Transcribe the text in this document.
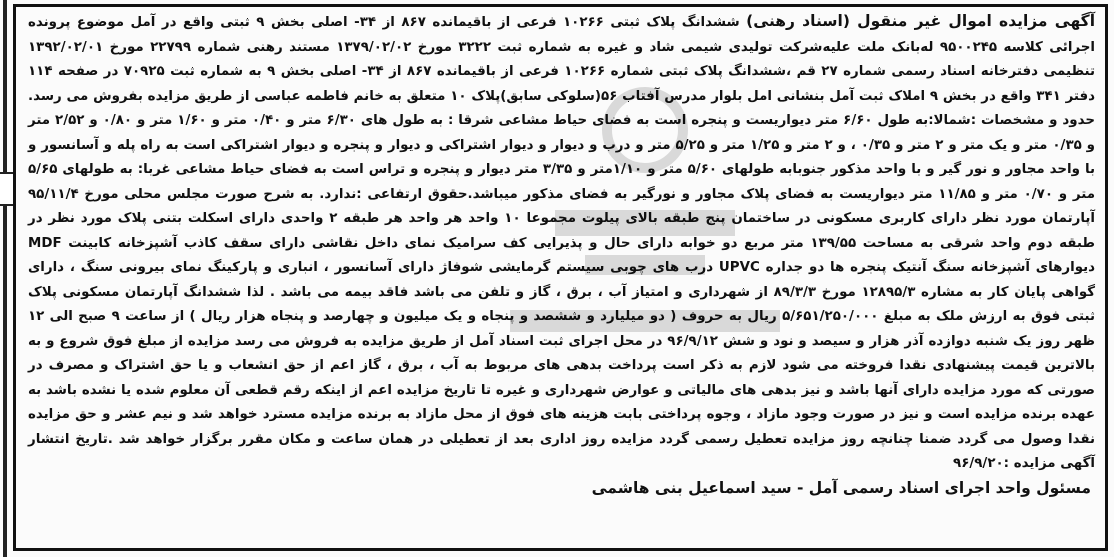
آگهی مزایده اموال غیر منقول (اسناد رهنی) ششدانگ پلاک ثبتی ۱۰۲۶۶ فرعی از باقیمانده ۸۶۷ از ۳۴- اصلی بخش ۹ ثبتی واقع در آمل موضوع پرونده اجرائی کلاسه ۹۵۰۰۲۴۵ له‌بانک ملت علیه‌شرکت تولیدی شیمی شاد و غیره به شماره ثبت ۳۲۲۲ مورخ ۱۳۷۹/۰۲/۰۲ مستند رهنی شماره ۲۲۷۹۹ مورخ ۱۳۹۲/۰۲/۰۱ تنظیمی دفترخانه اسناد رسمی شماره ۲۷ قم ،ششدانگ پلاک ثبتی شماره ۱۰۲۶۶ فرعی از باقیمانده ۸۶۷ از ۳۴- اصلی بخش ۹ به شماره ثبت ۷۰۹۲۵ در صفحه ۱۱۴ دفتر ۳۴۱ واقع در بخش ۹ املاک ثبت آمل بنشانی امل بلوار مدرس آفتاب ۵۶(سلوکی سابق)پلاک ۱۰ متعلق به خانم فاطمه عباسی از طریق مزایده بفروش می رسد. حدود و مشخصات :شمالا:به طول ۶/۶۰ متر دیواریست و پنجره است به فضای حیاط مشاعی شرقا : به طول های ۶/۳۰ متر و ۰/۴۰ متر و ۱/۶۰ متر و ۰/۸۰ و ۲/۵۲ متر و ۰/۳۵ متر و یک متر و ۲ متر و ۰/۳۵ ، و ۲ متر و ۱/۲۵ متر و ۵/۲۵ متر و درب و دیوار و دیوار اشتراکی و دیوار و پنجره و دیوار اشتراکی است به راه پله و آسانسور و با واحد مجاور و نور گیر و با واحد مذکور جنوبابه طولهای ۵/۶۰ متر و ۱/۱۰متر و ۳/۳۵ متر دیوار و پنجره و تراس است به فضای حیاط مشاعی غربا: به طولهای ۵/۶۵ متر و ۰/۷۰ متر و ۱۱/۸۵ متر دیواریست به فضای پلاک مجاور و نورگیر به فضای مذکور میباشد.حقوق ارتفاعی :ندارد. به شرح صورت مجلس محلی مورخ ۹۵/۱۱/۴ آپارتمان مورد نظر دارای کاربری مسکونی در ساختمان پنج طبقه بالای پیلوت مجموعا ۱۰ واحد هر واحد هر طبقه ۲ واحدی دارای اسکلت بتنی پلاک مورد نظر در طبقه دوم واحد شرقی به مساحت ۱۳۹/۵۵ متر مربع دو خوابه دارای حال و پذیرایی کف سرامیک نمای داخل نقاشی دارای سقف کاذب آشپزخانه کابینت MDF دیوارهای آشپزخانه سنگ آنتیک پنجره ها دو جداره UPVC درب های چوبی سیستم گرمایشی شوفاژ دارای آسانسور ، انباری و پارکینگ نمای بیرونی سنگ ، دارای گواهی پایان کار به مشاره ۱۲۸۹۵/۳ مورخ ۸۹/۳/۳ از شهرداری و امتیاز آب ، برق ، گاز و تلفن می باشد فاقد بیمه می باشد . لذا ششدانگ آپارتمان مسکونی پلاک ثبتی فوق به ارزش ملک به مبلغ ۵/۶۵۱/۲۵۰/۰۰۰ ریال به حروف ( دو میلیارد و ششصد و پنجاه و یک میلیون و چهارصد و پنجاه هزار ریال ) از ساعت ۹ صبح الی ۱۲ ظهر روز یک شنبه دوازده آذر هزار و سیصد و نود و شش ۹۶/۹/۱۲ در محل اجرای ثبت اسناد آمل از طریق مزایده به فروش می رسد مزایده از مبلغ فوق شروع و به بالاترین قیمت پیشنهادی نقدا فروخته می شود لازم به ذکر است پرداخت بدهی های مربوط به آب ، برق ، گاز اعم از حق انشعاب و یا حق اشتراک و مصرف در صورتی که مورد مزایده دارای آنها باشد و نیز بدهی های مالیاتی و عوارض شهرداری و غیره تا تاریخ مزایده اعم از اینکه رقم قطعی آن معلوم شده یا نشده باشد به عهده برنده مزایده است و نیز در صورت وجود مازاد ، وجوه پرداختی بابت هزینه های فوق از محل مازاد به برنده مزایده مسترد خواهد شد و نیم عشر و حق مزایده نقدا وصول می گردد ضمنا چنانچه روز مزایده تعطیل رسمی گردد مزایده روز اداری بعد از تعطیلی در همان ساعت و مکان مقرر برگزار خواهد شد .تاریخ انتشار آگهی مزایده :۹۶/۹/۲۰

مسئول واحد اجرای اسناد رسمی آمل - سید اسماعیل بنی هاشمی
